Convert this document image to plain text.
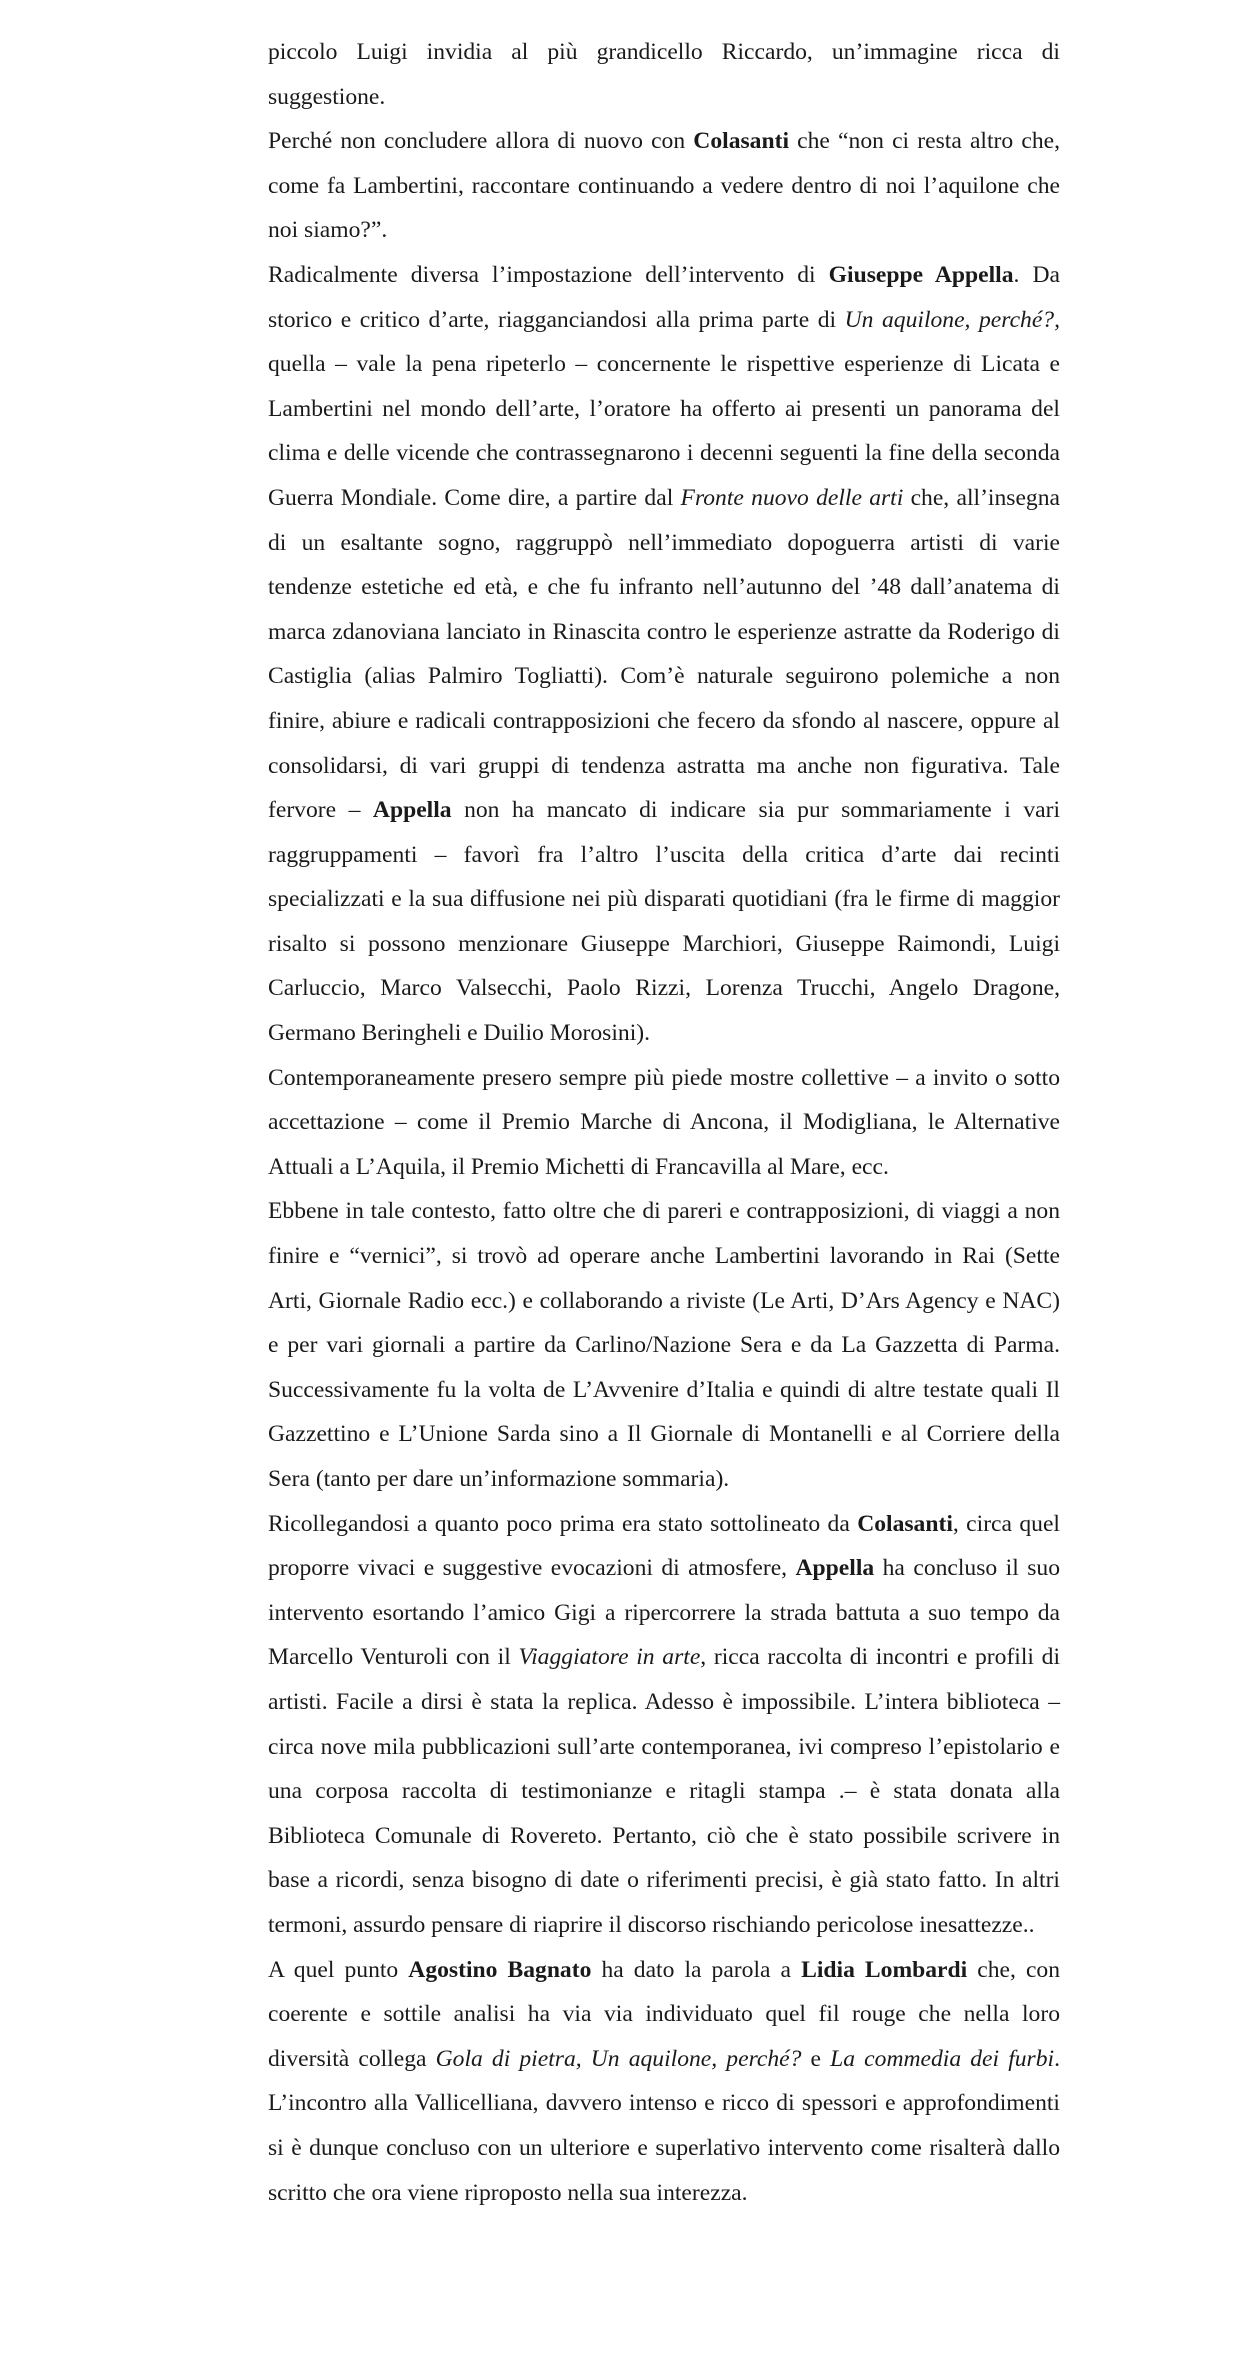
piccolo Luigi invidia al più grandicello Riccardo, un’immagine ricca di suggestione.

Perché non concludere allora di nuovo con Colasanti che “non ci resta altro che, come fa Lambertini, raccontare continuando a vedere dentro di noi l’aquilone che noi siamo?”.

Radicalmente diversa l’impostazione dell’intervento di Giuseppe Appella. Da storico e critico d’arte, riagganciandosi alla prima parte di Un aquilone, perché?, quella – vale la pena ripeterlo – concernente le rispettive esperienze di Licata e Lambertini nel mondo dell’arte, l’oratore ha offerto ai presenti un panorama del clima e delle vicende che contrassegnarono i decenni seguenti la fine della seconda Guerra Mondiale. Come dire, a partire dal Fronte nuovo delle arti che, all’insegna di un esaltante sogno, raggruppò nell’immediato dopoguerra artisti di varie tendenze estetiche ed età, e che fu infranto nell’autunno del ’48 dall’anatema di marca zdanoviana lanciato in Rinascita contro le esperienze astratte da Roderigo di Castiglia (alias Palmiro Togliatti). Com’è naturale seguirono polemiche a non finire, abiure e radicali contrapposizioni che fecero da sfondo al nascere, oppure al consolidarsi, di vari gruppi di tendenza astratta ma anche non figurativa. Tale fervore – Appella non ha mancato di indicare sia pur sommariamente i vari raggruppamenti – favorì fra l’altro l’uscita della critica d’arte dai recinti specializzati e la sua diffusione nei più disparati quotidiani (fra le firme di maggior risalto si possono menzionare Giuseppe Marchiori, Giuseppe Raimondi, Luigi Carluccio, Marco Valsecchi, Paolo Rizzi, Lorenza Trucchi, Angelo Dragone, Germano Beringheli e Duilio Morosini).

Contemporaneamente presero sempre più piede mostre collettive – a invito o sotto accettazione – come il Premio Marche di Ancona, il Modigliana, le Alternative Attuali a L’Aquila, il Premio Michetti di Francavilla al Mare, ecc.

Ebbene in tale contesto, fatto oltre che di pareri e contrapposizioni, di viaggi a non finire e “vernici”, si trovò ad operare anche Lambertini lavorando in Rai (Sette Arti, Giornale Radio ecc.) e collaborando a riviste (Le Arti, D’Ars Agency e NAC) e per vari giornali a partire da Carlino/Nazione Sera e da La Gazzetta di Parma. Successivamente fu la volta de L’Avvenire d’Italia e quindi di altre testate quali Il Gazzettino e L’Unione Sarda sino a Il Giornale di Montanelli e al Corriere della Sera (tanto per dare un’informazione sommaria).

Ricollegandosi a quanto poco prima era stato sottolineato da Colasanti, circa quel proporre vivaci e suggestive evocazioni di atmosfere, Appella ha concluso il suo intervento esortando l’amico Gigi a ripercorrere la strada battuta a suo tempo da Marcello Venturoli con il Viaggiatore in arte, ricca raccolta di incontri e profili di artisti. Facile a dirsi è stata la replica. Adesso è impossibile. L’intera biblioteca – circa nove mila pubblicazioni sull’arte contemporanea, ivi compreso l’epistolario e una corposa raccolta di testimonianze e ritagli stampa .– è stata donata alla Biblioteca Comunale di Rovereto. Pertanto, ciò che è stato possibile scrivere in base a ricordi, senza bisogno di date o riferimenti precisi, è già stato fatto. In altri termoni, assurdo pensare di riaprire il discorso rischiando pericolose inesattezze..

A quel punto Agostino Bagnato ha dato la parola a Lidia Lombardi che, con coerente e sottile analisi ha via via individuato quel fil rouge che nella loro diversità collega Gola di pietra, Un aquilone, perché? e La commedia dei furbi. L’incontro alla Vallicelliana, davvero intenso e ricco di spessori e approfondimenti si è dunque concluso con un ulteriore e superlativo intervento come risalterà dallo scritto che ora viene riproposto nella sua interezza.
